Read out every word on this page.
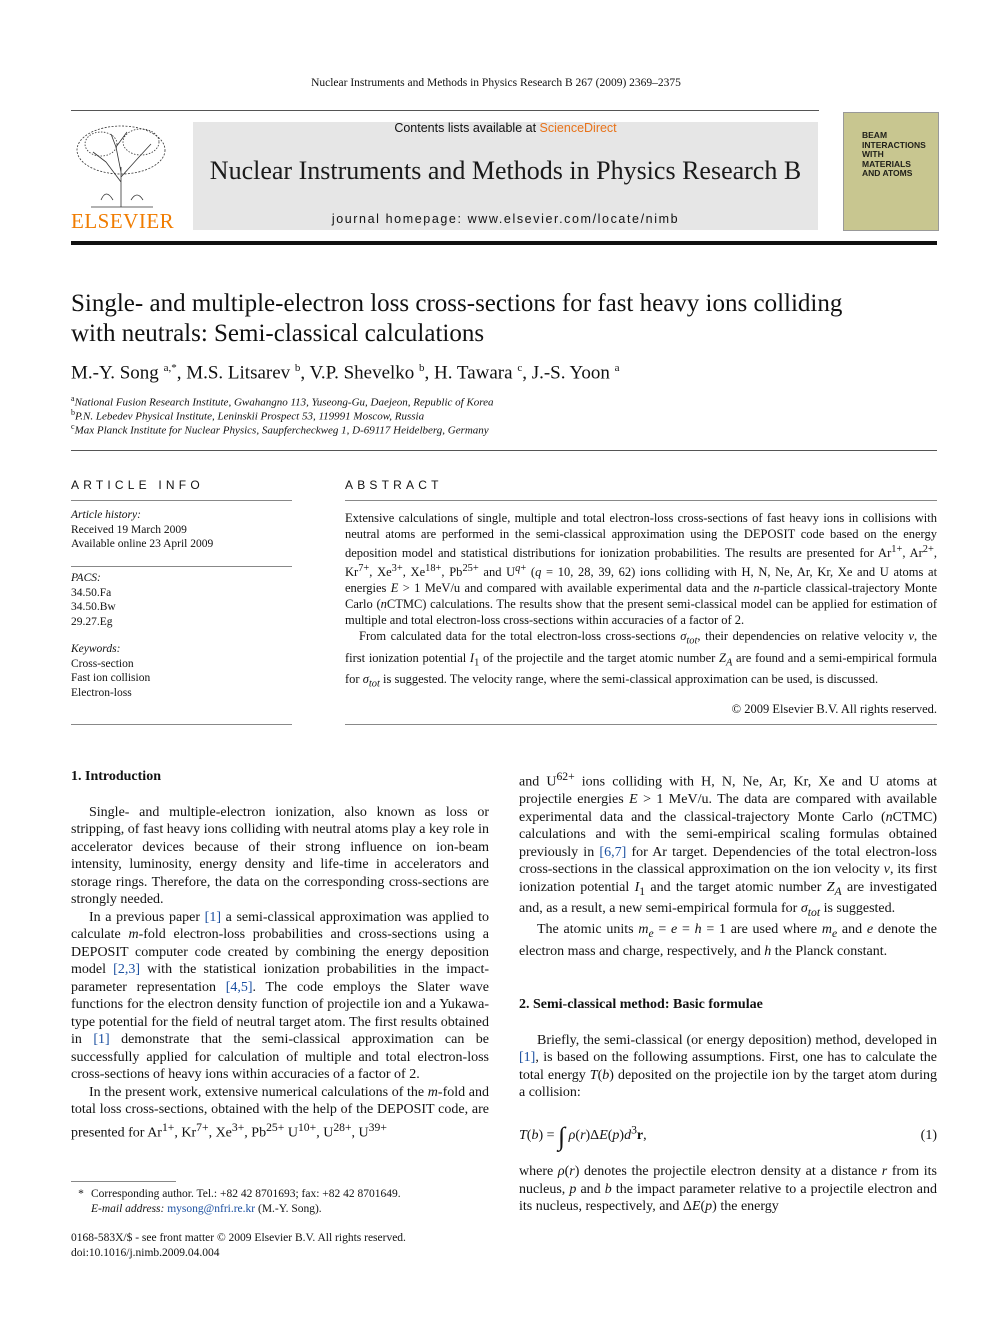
Nuclear Instruments and Methods in Physics Research B 267 (2009) 2369–2375
ELSEVIER
Contents lists available at ScienceDirect
Nuclear Instruments and Methods in Physics Research B
journal homepage: www.elsevier.com/locate/nimb
BEAM
INTERACTIONS
WITH
MATERIALS
AND ATOMS
Single- and multiple-electron loss cross-sections for fast heavy ions colliding
with neutrals: Semi-classical calculations
M.-Y. Song $^{a,*}$, M.S. Litsarev $^b$, V.P. Shevelko $^b$, H. Tawara $^c$, J.-S. Yoon $^a$
$^a$National Fusion Research Institute, Gwahangno 113, Yuseong-Gu, Daejeon, Republic of Korea
$^b$P.N. Lebedev Physical Institute, Leninskii Prospect 53, 119991 Moscow, Russia
$^c$Max Planck Institute for Nuclear Physics, Saupfercheckweg 1, D-69117 Heidelberg, Germany
ARTICLE INFO
Article history:
Received 19 March 2009
Available online 23 April 2009
PACS:
34.50.Fa
34.50.Bw
29.27.Eg
Keywords:
Cross-section
Fast ion collision
Electron-loss
ABSTRACT

Extensive calculations of single, multiple and total electron-loss cross-sections of fast heavy ions in collisions with neutral atoms are performed in the semi-classical approximation using the DEPOSIT code based on the energy deposition model and statistical distributions for ionization probabilities. The results are presented for $Ar^{1+}$, $Ar^{2+}$, $Kr^{7+}$, $Xe^{3+}$, $Xe^{18+}$, $Pb^{25+}$ and $U^{q+}$ (q = 10, 28, 39, 62) ions colliding with H, N, Ne, Ar, Kr, Xe and U atoms at energies E > 1 MeV/u and compared with available experimental data and the n-particle classical-trajectory Monte Carlo (nCTMC) calculations. The results show that the present semi-classical model can be applied for estimation of multiple and total electron-loss cross-sections within accuracies of a factor of 2.

From calculated data for the total electron-loss cross-sections $\sigma_{tot}$, their dependencies on relative velocity v, the first ionization potential $I_1$ of the projectile and the target atomic number $Z_A$ are found and a semi-empirical formula for $\sigma_{tot}$ is suggested. The velocity range, where the semi-classical approximation can be used, is discussed.

© 2009 Elsevier B.V. All rights reserved.
1. Introduction

Single- and multiple-electron ionization, also known as loss or stripping, of fast heavy ions colliding with neutral atoms play a key role in accelerator devices because of their strong influence on ion-beam intensity, luminosity, energy density and life-time in accelerators and storage rings. Therefore, the data on the corresponding cross-sections are strongly needed.

In a previous paper [1] a semi-classical approximation was applied to calculate m-fold electron-loss probabilities and cross-sections using a DEPOSIT computer code created by combining the energy deposition model [2,3] with the statistical ionization probabilities in the impact-parameter representation [4,5]. The code employs the Slater wave functions for the electron density function of projectile ion and a Yukawa-type potential for the field of neutral target atom. The first results obtained in [1] demonstrate that the semi-classical approximation can be successfully applied for calculation of multiple and total electron-loss cross-sections of heavy ions within accuracies of a factor of 2.

In the present work, extensive numerical calculations of the m-fold and total loss cross-sections, obtained with the help of the DEPOSIT code, are presented for $Ar^{1+}$, $Kr^{7+}$, $Xe^{3+}$, $Pb^{25+}$ $U^{10+}$, $U^{28+}$, $U^{39+}$

and $U^{62+}$ ions colliding with H, N, Ne, Ar, Kr, Xe and U atoms at projectile energies E > 1 MeV/u. The data are compared with available experimental data and the classical-trajectory Monte Carlo (nCTMC) calculations and with the semi-empirical scaling formulas obtained previously in [6,7] for Ar target. Dependencies of the total electron-loss cross-sections in the classical approximation on the ion velocity v, its first ionization potential $I_1$ and the target atomic number $Z_A$ are investigated and, as a result, a new semi-empirical formula for $\sigma_{tot}$ is suggested.

The atomic units $m_e = e = h = 1$ are used where $m_e$ and e denote the electron mass and charge, respectively, and h the Planck constant.

2. Semi-classical method: Basic formulae

Briefly, the semi-classical (or energy deposition) method, developed in [1], is based on the following assumptions. First, one has to calculate the total energy T(b) deposited on the projectile ion by the target atom during a collision:

T(b) = ∫ $\rho(r)\Delta E(p)d^3r$,	(1)

where ρ(r) denotes the projectile electron density at a distance r from its nucleus, p and b the impact parameter relative to a projectile electron and its nucleus, respectively, and ΔE(p) the energy

* Corresponding author. Tel.: +82 42 8701693; fax: +82 42 8701649.
E-mail address: mysong@nfri.re.kr (M.-Y. Song).
0168-583X/$ - see front matter © 2009 Elsevier B.V. All rights reserved.
doi:10.1016/j.nimb.2009.04.004
